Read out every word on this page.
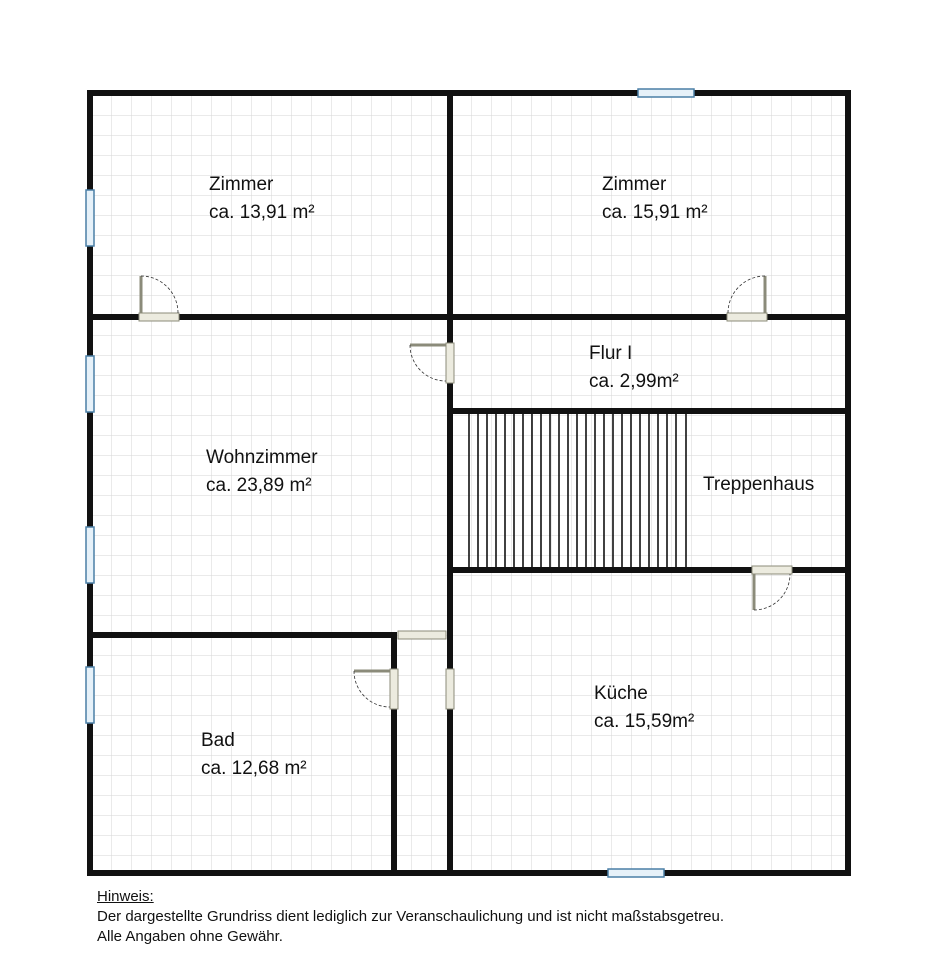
Zimmer
ca. 13,91 m²
Zimmer
ca. 15,91 m²
Flur I
ca. 2,99m²
Treppenhaus
Wohnzimmer
ca. 23,89 m²
Küche
ca. 15,59m²
Bad
ca. 12,68 m²
Hinweis:
Der dargestellte Grundriss dient lediglich zur Veranschaulichung und ist nicht maßstabsgetreu.
Alle Angaben ohne Gewähr.
